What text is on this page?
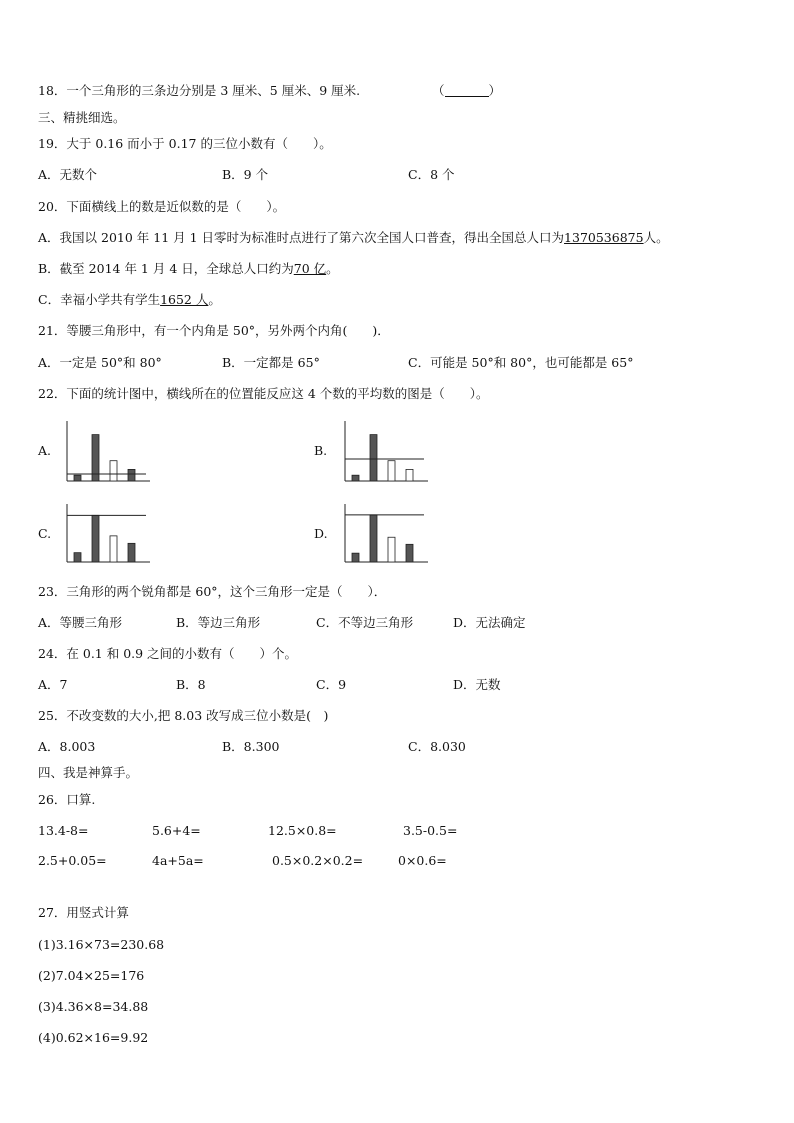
18．一个三角形的三条边分别是 3 厘米、5 厘米、9 厘米.	（	）
三、精挑细选。
19．大于 0.16 而小于 0.17 的三位小数有（　　）。
A．无数个	B．9 个	C．8 个
20．下面横线上的数是近似数的是（　　）。
A．我国以 2010 年 11 月 1 日零时为标准时点进行了第六次全国人口普查，得出全国总人口为1370536875人。
B．截至 2014 年 1 月 4 日，全球总人口约为70 亿。
C．幸福小学共有学生1652 人。
21．等腰三角形中，有一个内角是 50°，另外两个内角(　　)．
A．一定是 50°和 80°	B．一定都是 65°	C．可能是 50°和 80°，也可能都是 65°
22．下面的统计图中，横线所在的位置能反应这 4 个数的平均数的图是（　　）。
A.	B.
C.	D.
23．三角形的两个锐角都是 60°，这个三角形一定是（　　）．
A．等腰三角形	B．等边三角形	C．不等边三角形	D．无法确定
24．在 0.1 和 0.9 之间的小数有（　　）个。
A．7	B．8	C．9	D．无数
25．不改变数的大小,把 8.03 改写成三位小数是(　)
A．8.003	B．8.300	C．8.030
四、我是神算手。
26．口算.
13.4-8=	5.6+4=	12.5×0.8=	3.5-0.5=
2.5+0.05=	4a+5a=	0.5×0.2×0.2=	0×0.6=
27．用竖式计算
(1)3.16×73=230.68
(2)7.04×25=176
(3)4.36×8=34.88
(4)0.62×16=9.92
